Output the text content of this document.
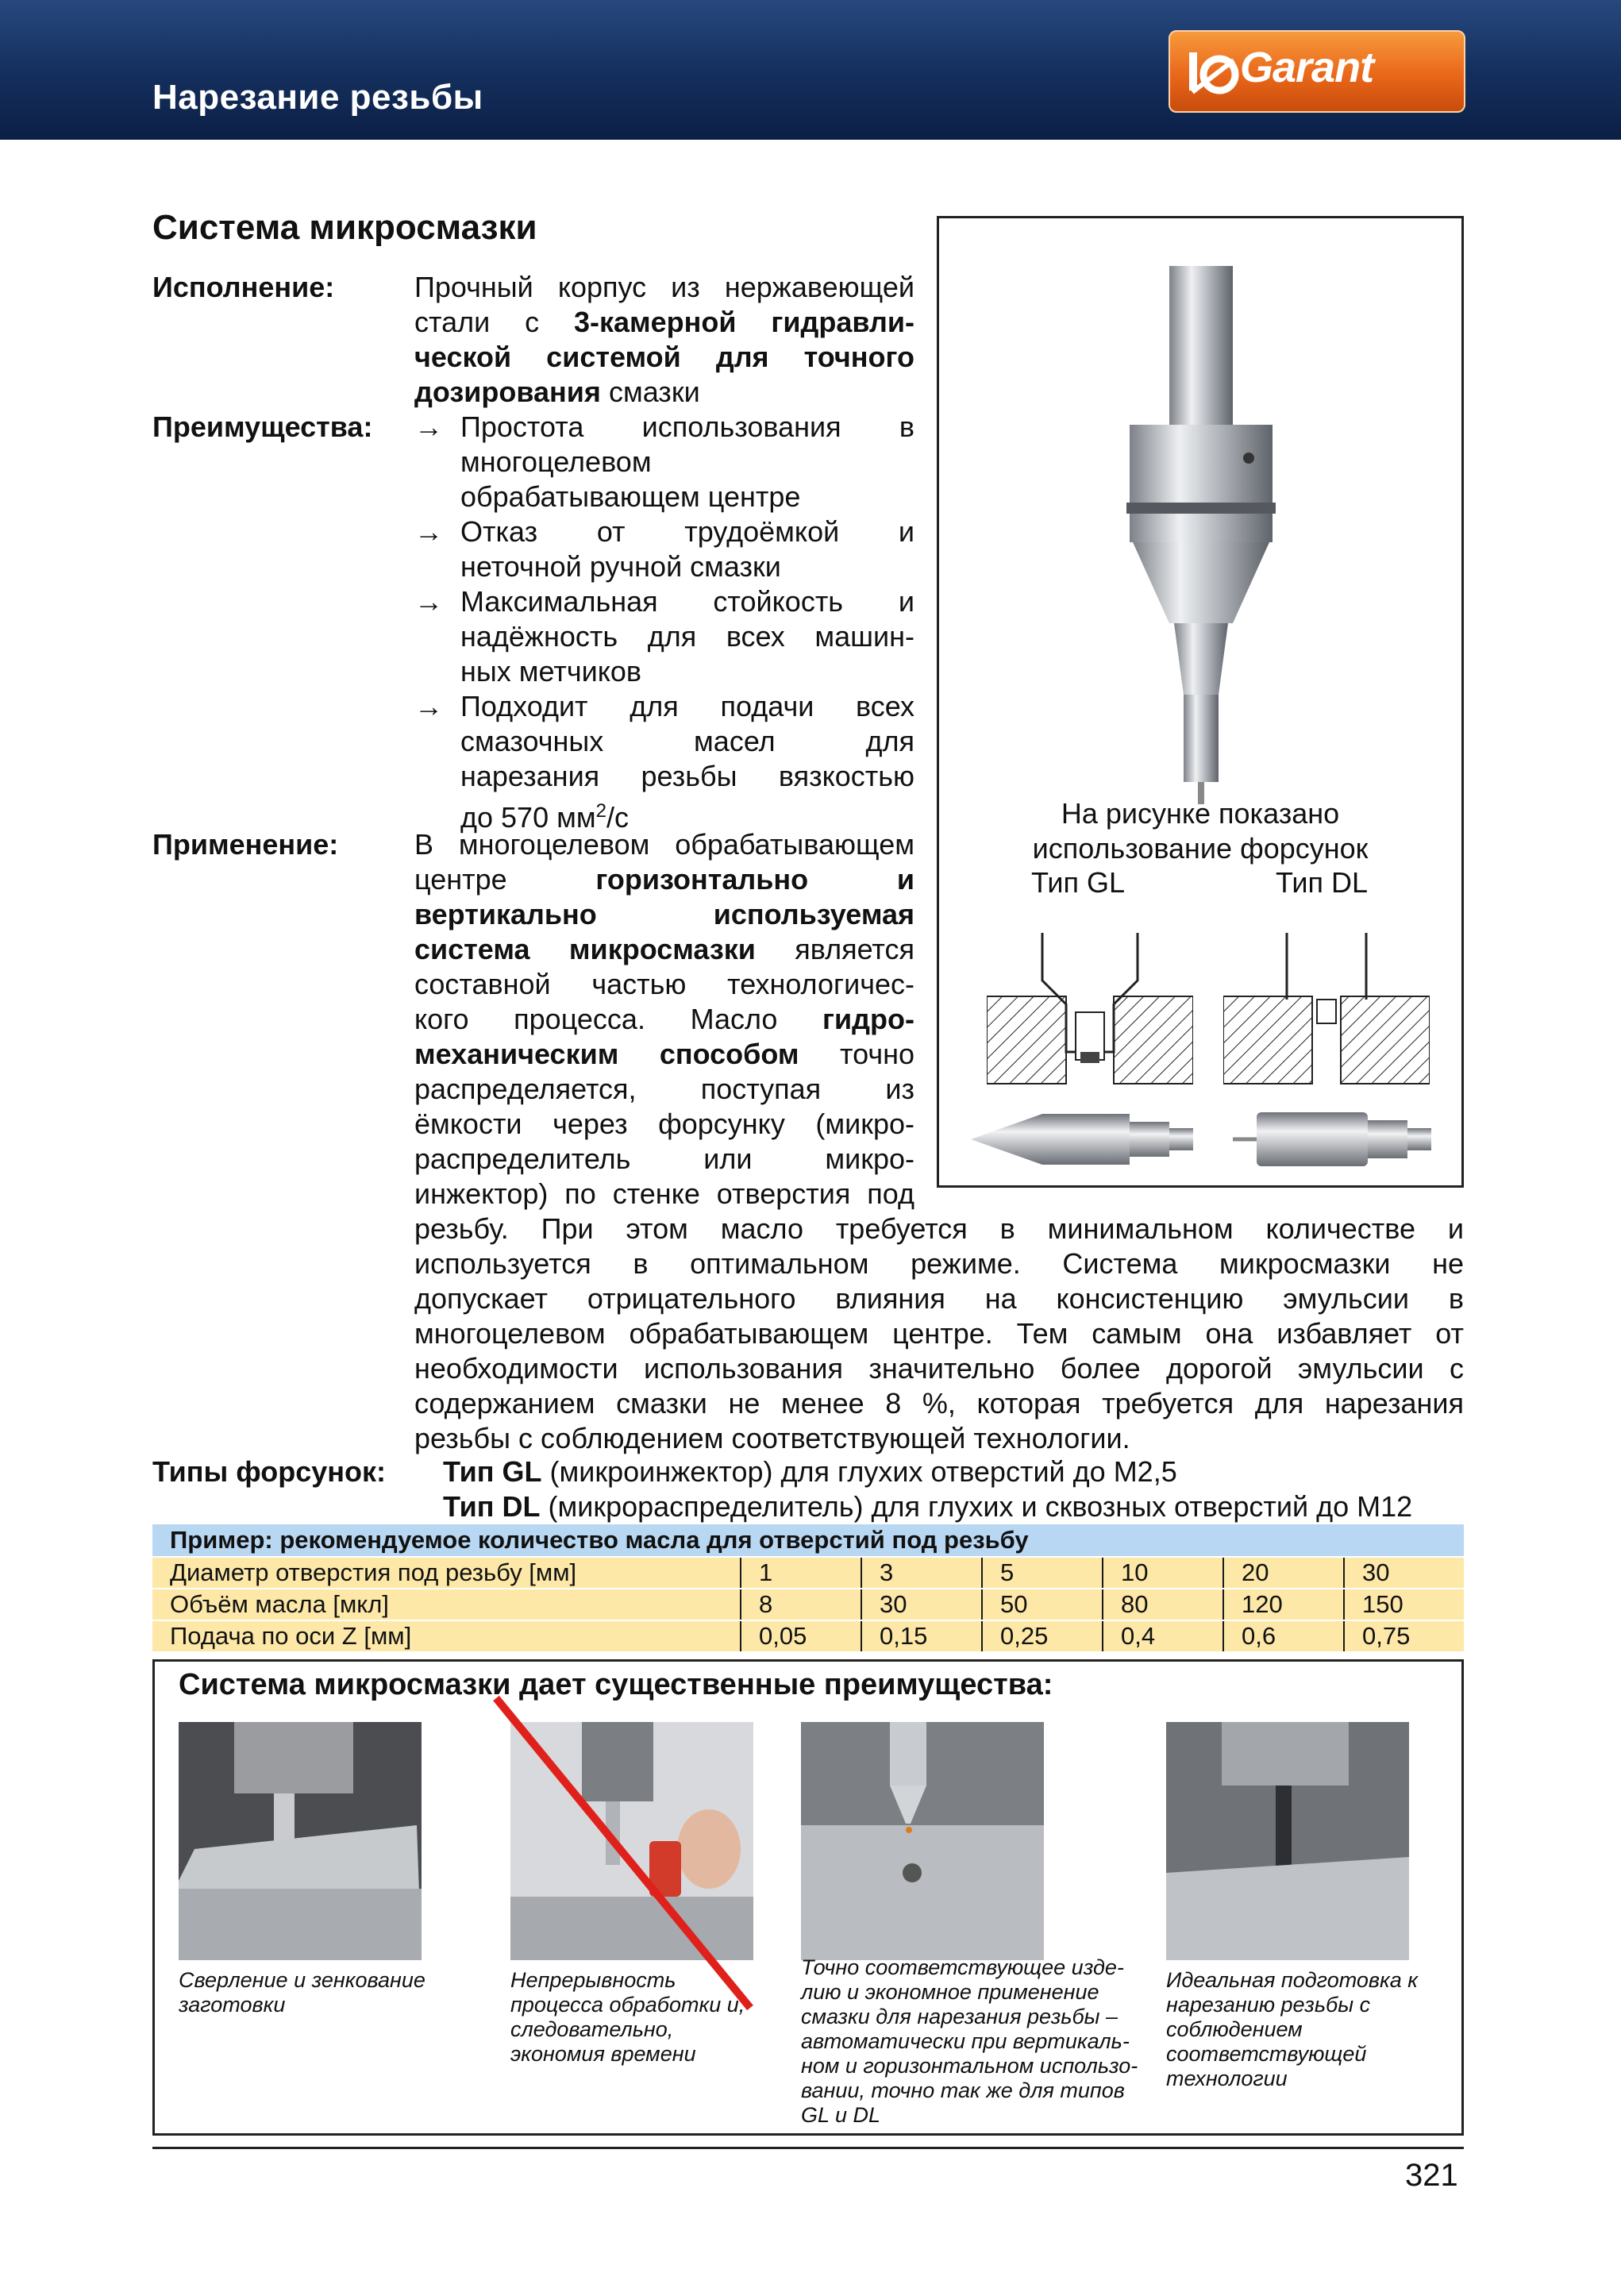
Нарезание резьбы
Garant
Система микросмазки
Исполнение:	Прочный корпус из нержавеющей
стали с 3-камерной гидравли-
ческой системой для точного
дозирования смазки
Преимущества: → Простота использования в
многоцелевом
обрабатывающем центре
→ Отказ от трудоёмкой и
неточной ручной смазки
→ Максимальная стойкость и
надёжность для всех машин-
ных метчиков
→ Подходит для подачи всех
смазочных масел для
нарезания резьбы вязкостью
до 570 $мм^2/с$
Применение:	В многоцелевом обрабатывающем
центре горизонтально и
вертикально используемая
система микросмазки является
составной частью технологичес-
кого процесса. Масло гидро-
механическим способом точно
распределяется, поступая из
ёмкости через форсунку (микро-
распределитель или микро-
инжектор) по стенке отверстия под
резьбу. При этом масло требуется в минимальном количестве и
используется в оптимальном режиме. Система микросмазки не
допускает отрицательного влияния на консистенцию эмульсии в
многоцелевом обрабатывающем центре. Тем самым она избавляет от
необходимости использования значительно более дорогой эмульсии с
содержанием смазки не менее 8 %, которая требуется для нарезания
резьбы с соблюдением соответствующей технологии.
Типы форсунок: Тип GL (микроинжектор) для глухих отверстий до M2,5
Тип DL (микрораспределитель) для глухих и сквозных отверстий до M12
На рисунке показано
использование форсунок
Тип GL	Тип DL
Пример: рекомендуемое количество масла для отверстий под резьбу
Диаметр отверстия под резьбу [мм]	1	3	5	10	20	30
Объём масла [мкл]	8	30	50	80	120	150
Подача по оси Z [мм]	0,05	0,15	0,25	0,4	0,6	0,75
Система микросмазки дает существенные преимущества:
Сверление и зенкование
заготовки
Непрерывность
процесса обработки и,
следовательно,
экономия времени
Точно соответствующее изде-
лию и экономное применение
смазки для нарезания резьбы –
автоматически при вертикаль-
ном и горизонтальном использо-
вании, точно так же для типов
GL и DL
Идеальная подготовка к
нарезанию резьбы с
соблюдением
соответствующей
технологии
321
